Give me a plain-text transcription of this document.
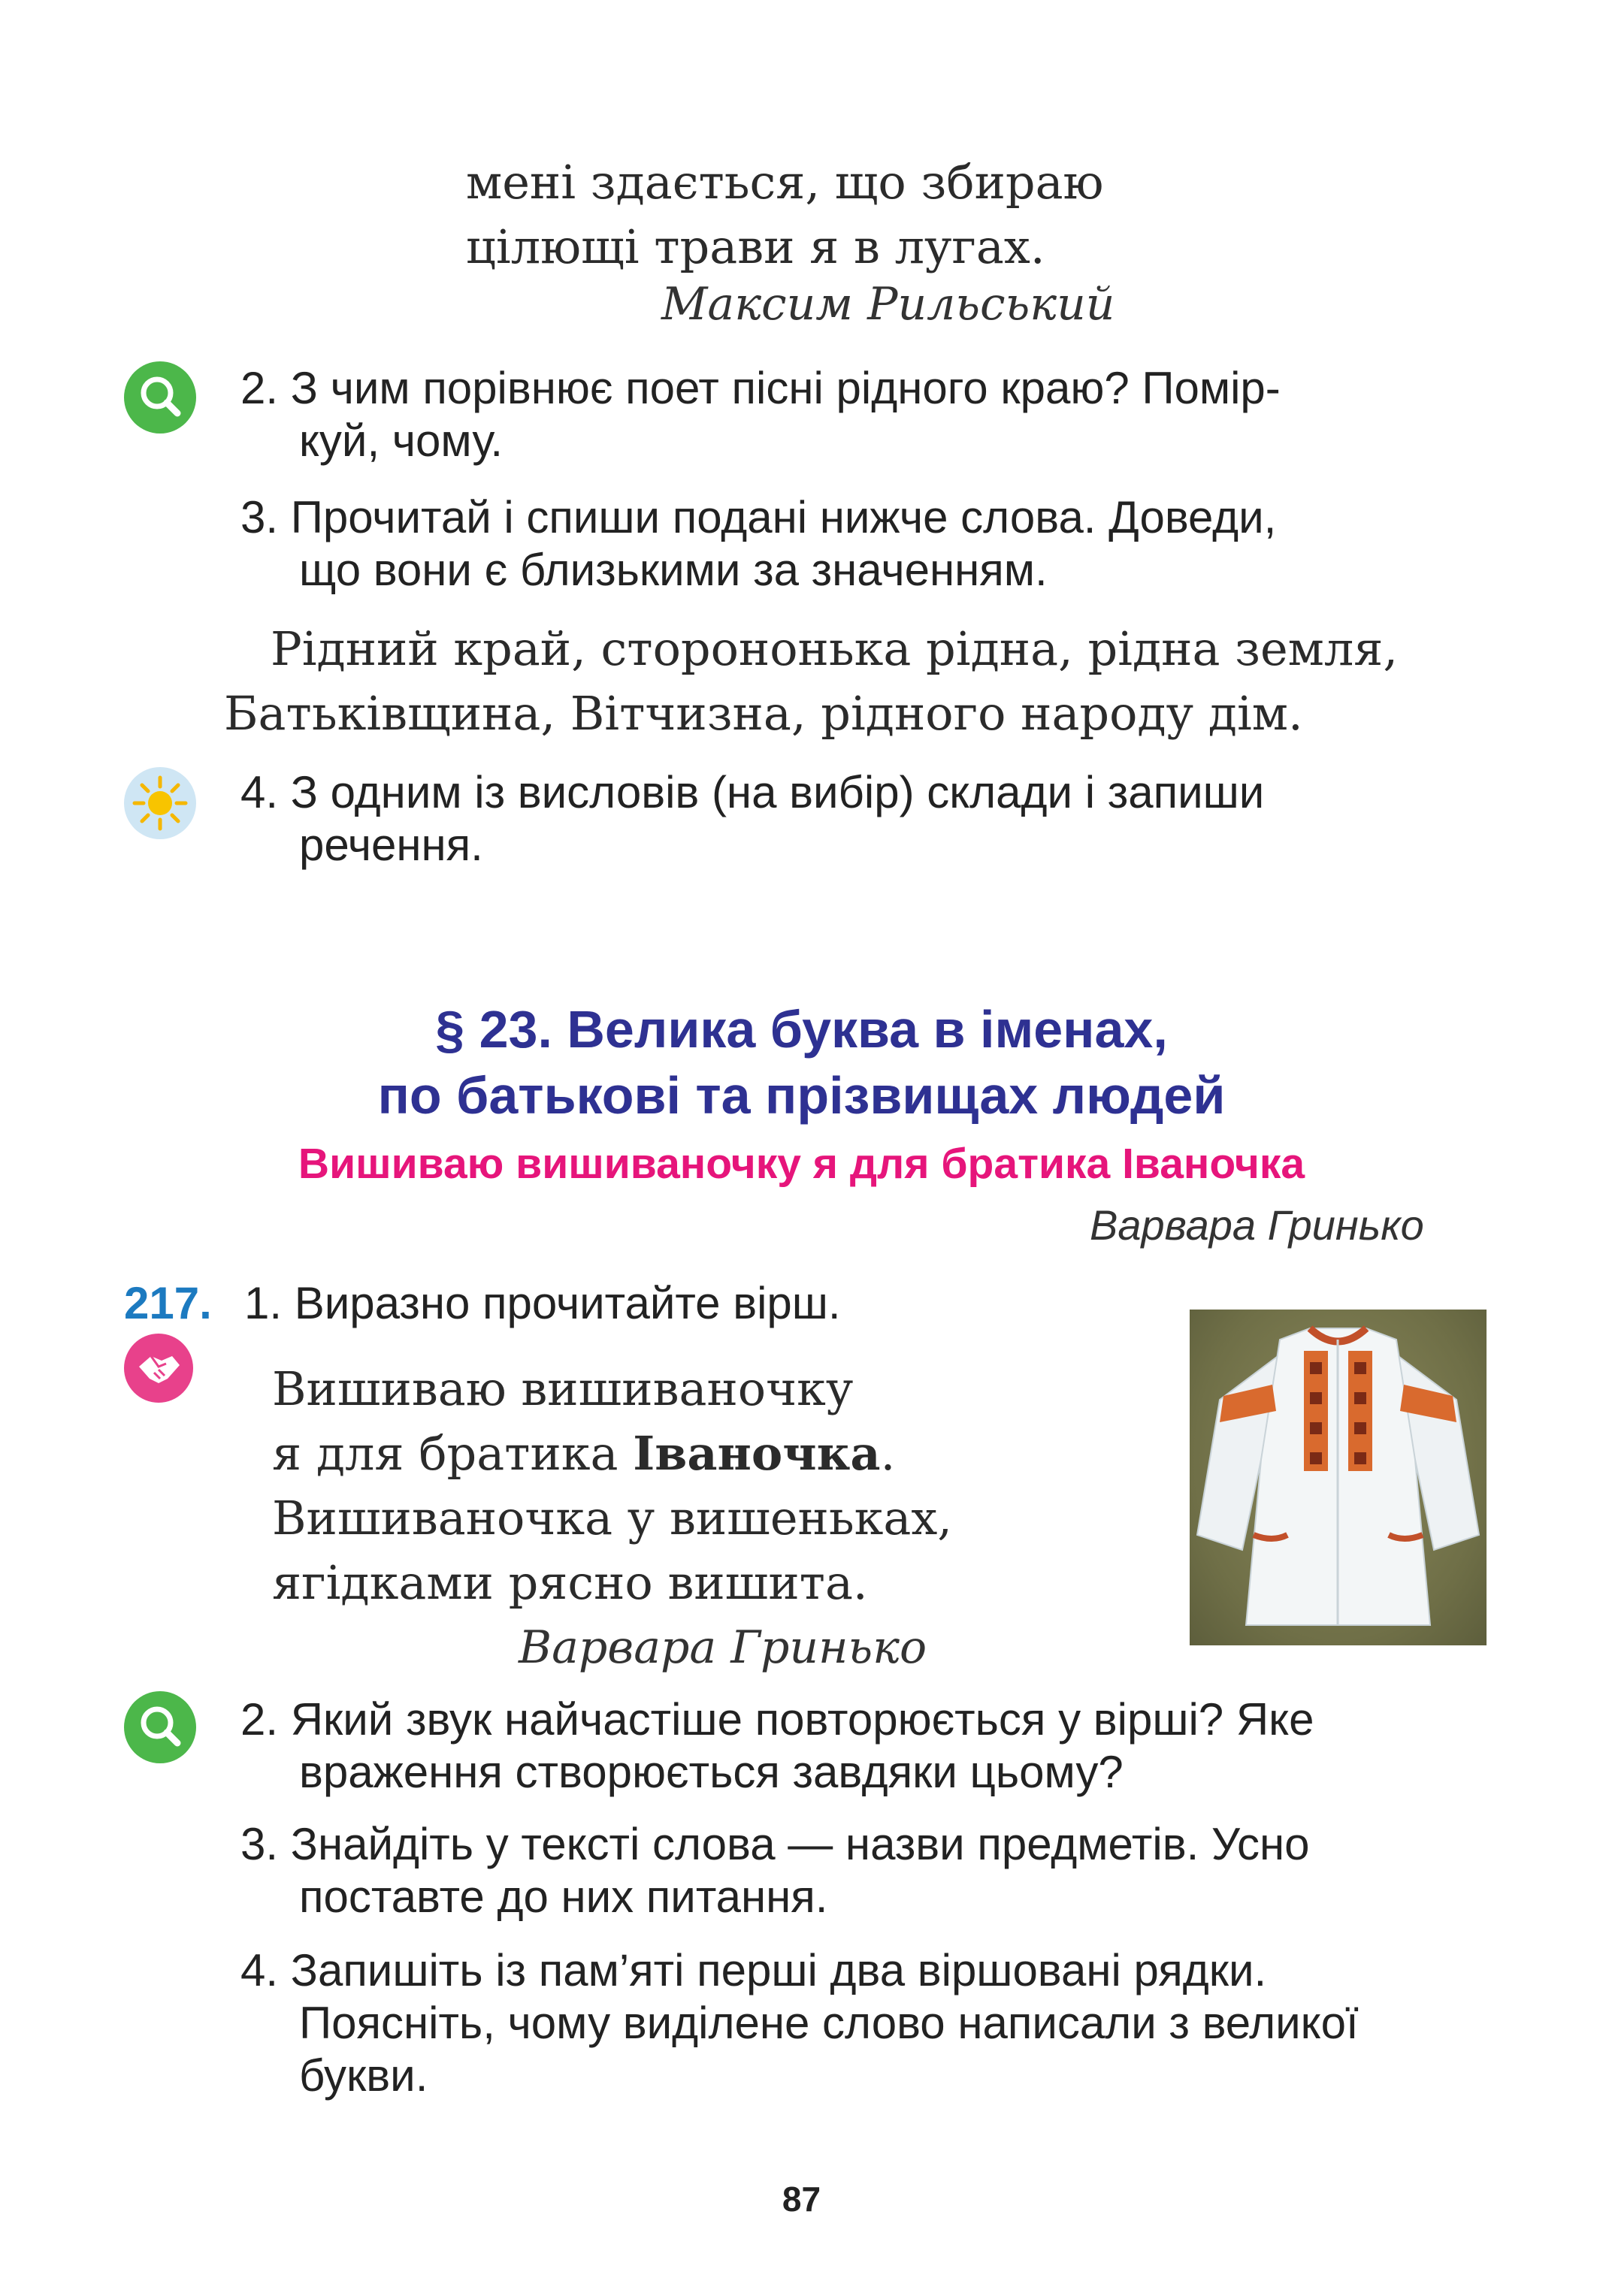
мені здається, що збираю
цілющі трави я в лугах.
Максим Рильський
2. З чим порівнює поет пісні рідного краю? Помір-
куй, чому.
3. Прочитай і спиши подані нижче слова. Доведи,
що вони є близькими за значенням.
Рідний край, сторононька рідна, рідна земля,
Батьківщина, Вітчизна, рідного народу дім.
4. З одним із висловів (на вибір) склади і запиши
речення.
§ 23. Велика буква в іменах,
по батькові та прізвищах людей
Вишиваю вишиваночку я для братика Іваночка
Варвара Гринько
217. 1. Виразно прочитайте вірш.
Вишиваю вишиваночку
я для братика Іваночка.
Вишиваночка у вишеньках,
ягідками рясно вишита.
Варвара Гринько
2. Який звук найчастіше повторюється у вірші? Яке
враження створюється завдяки цьому?
3. Знайдіть у тексті слова — назви предметів. Усно
поставте до них питання.
4. Запишіть із пам’яті перші два віршовані рядки.
Поясніть, чому виділене слово написали з великої
букви.
87
